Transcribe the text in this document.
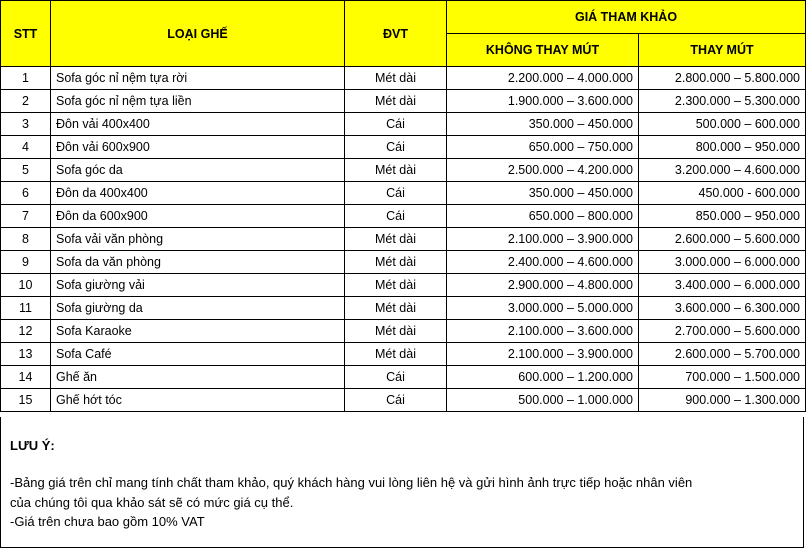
STT	LOẠI GHẾ	ĐVT	GIÁ THAM KHẢO	
			KHÔNG THAY MÚT	THAY MÚT
1	Sofa góc nỉ nệm tựa rời	Mét dài	2.200.000 – 4.000.000	2.800.000 – 5.800.000
2	Sofa góc nỉ nệm tựa liền	Mét dài	1.900.000 – 3.600.000	2.300.000 – 5.300.000
3	Đôn vải 400x400	Cái	350.000 – 450.000	500.000 – 600.000
4	Đôn vải 600x900	Cái	650.000 – 750.000	800.000 – 950.000
5	Sofa góc da	Mét dài	2.500.000 – 4.200.000	3.200.000 – 4.600.000
6	Đôn da 400x400	Cái	350.000 – 450.000	450.000 - 600.000
7	Đôn da 600x900	Cái	650.000 – 800.000	850.000 – 950.000
8	Sofa vải văn phòng	Mét dài	2.100.000 – 3.900.000	2.600.000 – 5.600.000
9	Sofa da văn phòng	Mét dài	2.400.000 – 4.600.000	3.000.000 – 6.000.000
10	Sofa giường vải	Mét dài	2.900.000 – 4.800.000	3.400.000 – 6.000.000
11	Sofa giường da	Mét dài	3.000.000 – 5.000.000	3.600.000 – 6.300.000
12	Sofa Karaoke	Mét dài	2.100.000 – 3.600.000	2.700.000 – 5.600.000
13	Sofa Café	Mét dài	2.100.000 – 3.900.000	2.600.000 – 5.700.000
14	Ghế ăn	Cái	600.000 – 1.200.000	700.000 – 1.500.000
15	Ghế hớt tóc	Cái	500.000 – 1.000.000	900.000 – 1.300.000
LƯU Ý:
-Bảng giá trên chỉ mang tính chất tham khảo, quý khách hàng vui lòng liên hệ và gửi hình ảnh trực tiếp hoặc nhân viên
của chúng tôi qua khảo sát sẽ có mức giá cụ thể.
-Giá trên chưa bao gồm 10% VAT
